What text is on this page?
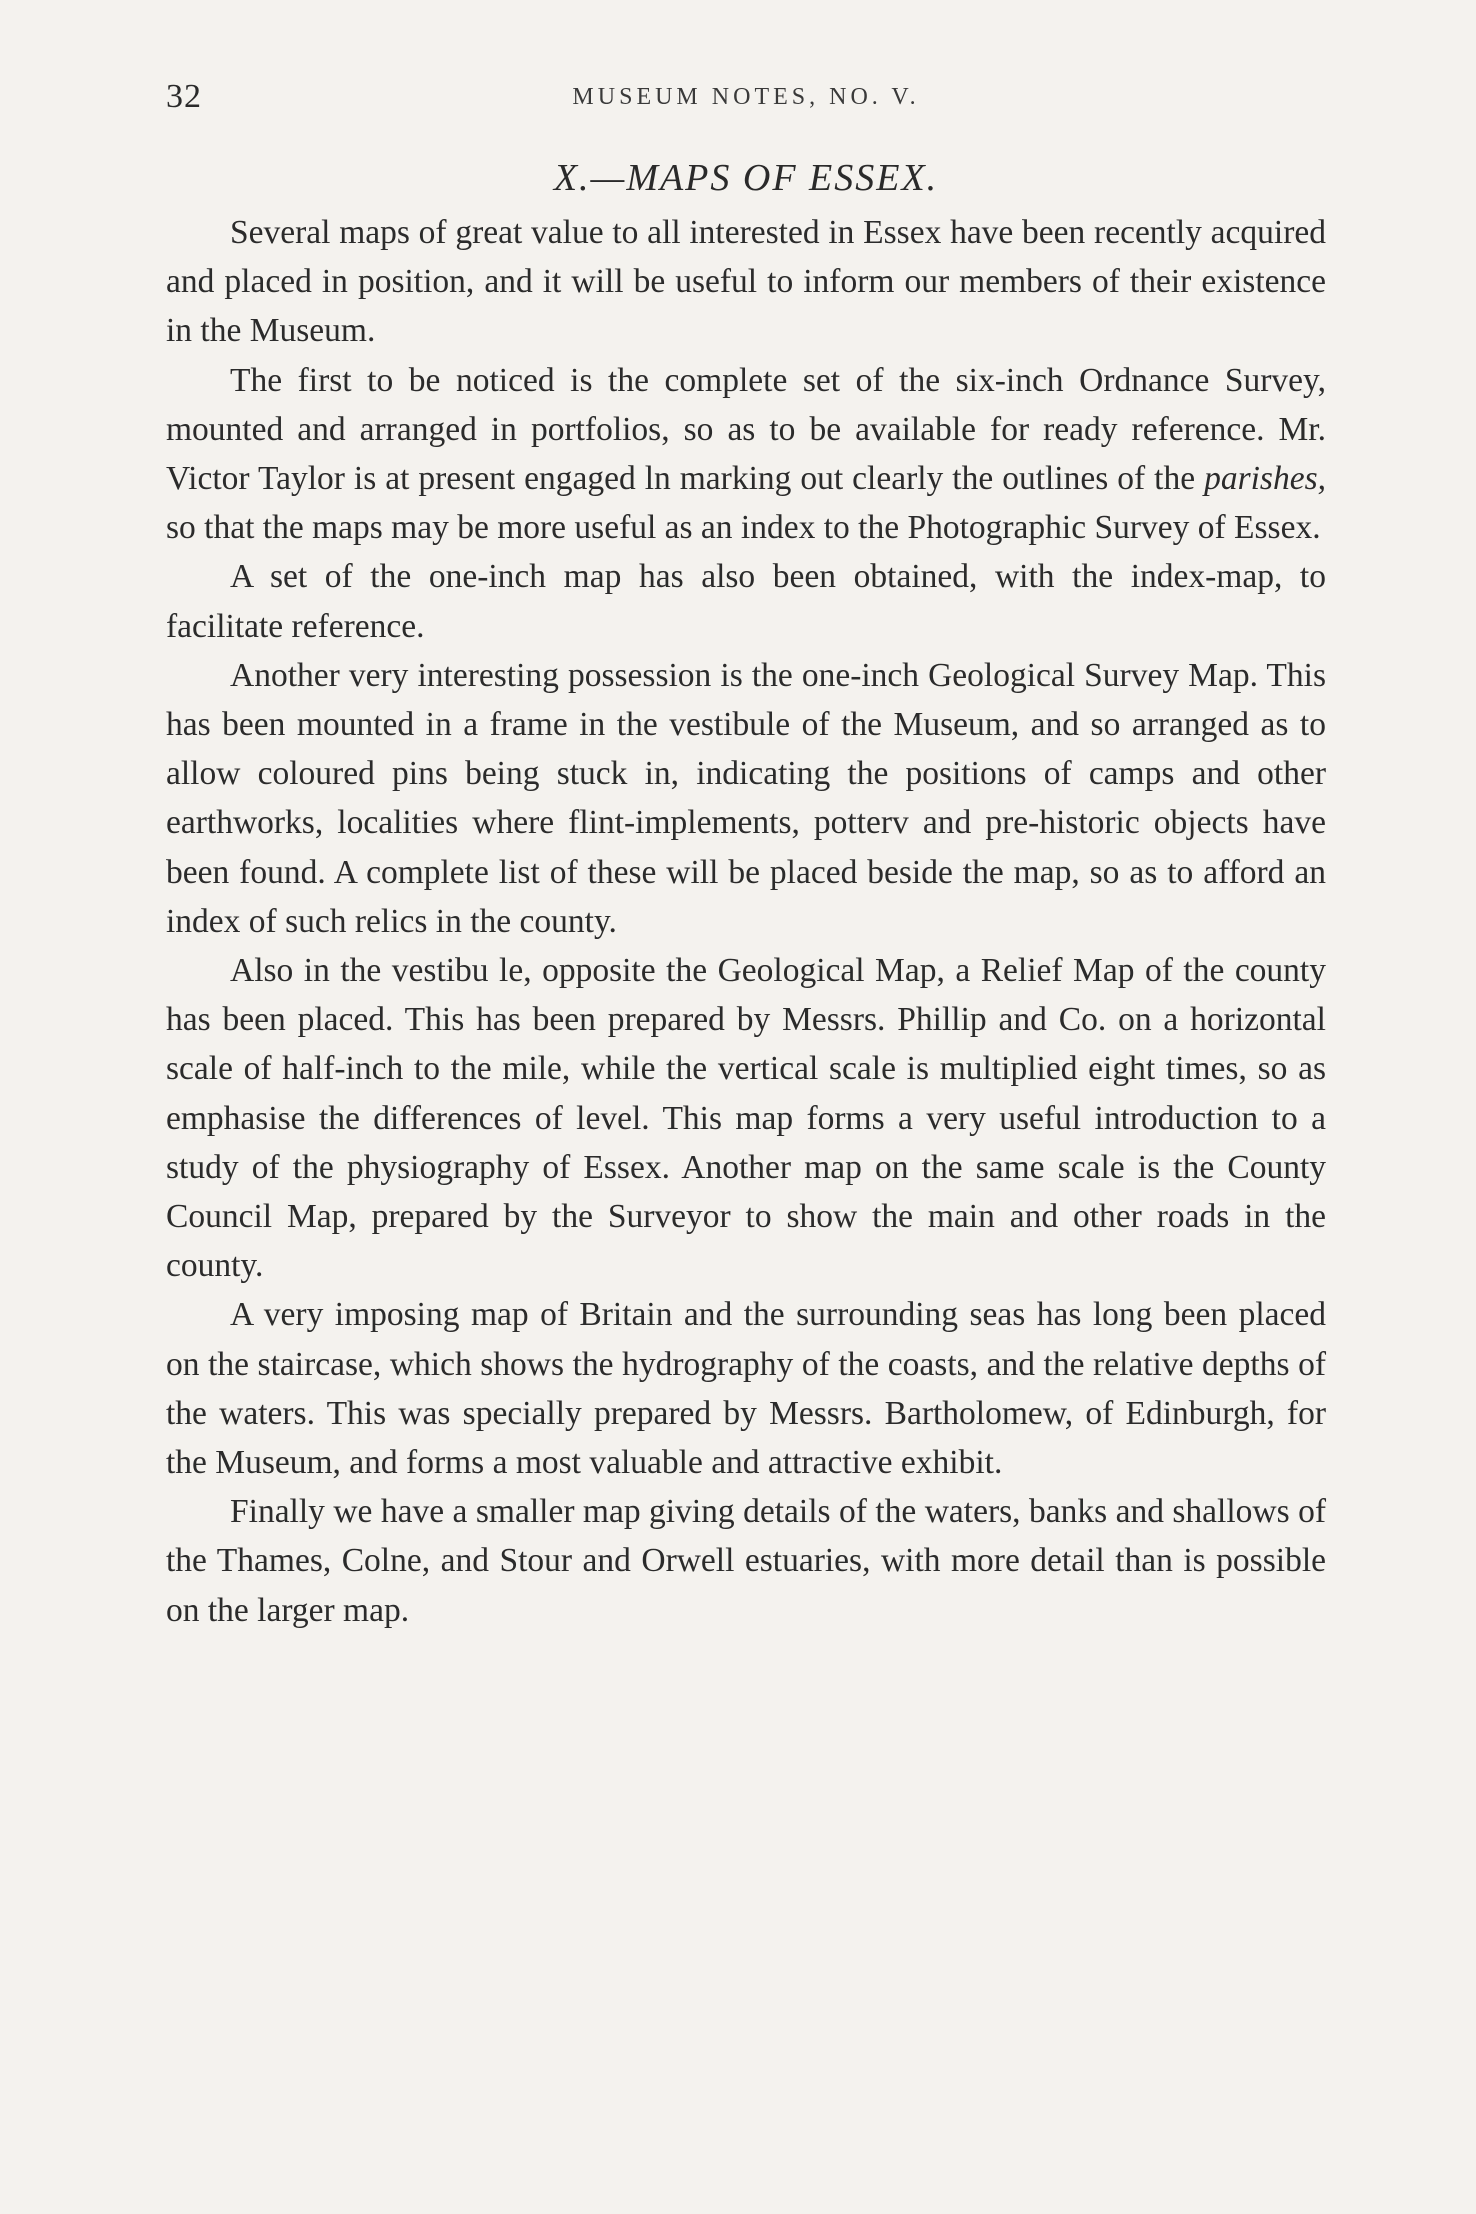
32	MUSEUM NOTES, NO. V.
X.—MAPS OF ESSEX.

Several maps of great value to all interested in Essex have been recently acquired and placed in position, and it will be useful to inform our members of their existence in the Museum.

The first to be noticed is the complete set of the six-inch Ordnance Survey, mounted and arranged in portfolios, so as to be available for ready reference. Mr. Victor Taylor is at present engaged ln marking out clearly the outlines of the parishes, so that the maps may be more useful as an index to the Photographic Survey of Essex.

A set of the one-inch map has also been obtained, with the index-map, to facilitate reference.

Another very interesting possession is the one-inch Geological Survey Map. This has been mounted in a frame in the vestibule of the Museum, and so arranged as to allow coloured pins being stuck in, indicating the positions of camps and other earthworks, localities where flint-implements, potterv and pre-historic objects have been found. A complete list of these will be placed beside the map, so as to afford an index of such relics in the county.

Also in the vestibu le, opposite the Geological Map, a Relief Map of the county has been placed. This has been prepared by Messrs. Phillip and Co. on a horizontal scale of half-inch to the mile, while the vertical scale is multiplied eight times, so as emphasise the differences of level. This map forms a very useful introduction to a study of the physiography of Essex. Another map on the same scale is the County Council Map, prepared by the Surveyor to show the main and other roads in the county.

A very imposing map of Britain and the surrounding seas has long been placed on the staircase, which shows the hydrography of the coasts, and the relative depths of the waters. This was specially prepared by Messrs. Bartholomew, of Edinburgh, for the Museum, and forms a most valuable and attractive exhibit.

Finally we have a smaller map giving details of the waters, banks and shallows of the Thames, Colne, and Stour and Orwell estuaries, with more detail than is possible on the larger map.
